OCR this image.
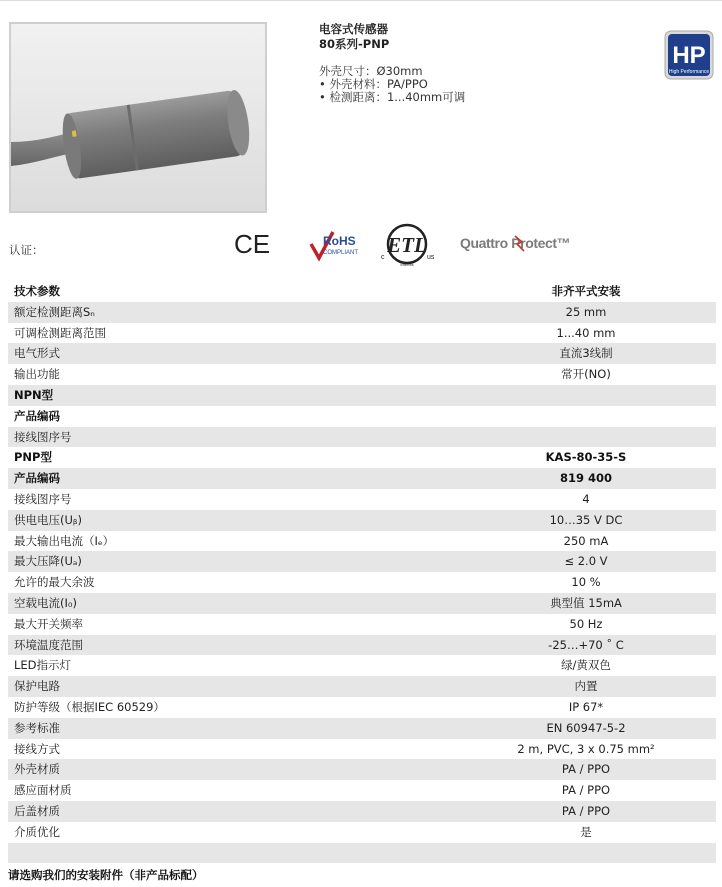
电容式传感器
80系列-PNP
外壳尺寸：Ø30mm
• 外壳材料：PA/PPO
• 检测距离：1...40mm可调
HP
High Performance
认证：	CE	RoHS
COMPLIANT ETL
c	us
Intertek
Quattro Protect™
技术参数	非齐平式安装
额定检测距离Sₙ	25 mm
可调检测距离范围	1...40 mm
电气形式	直流3线制
输出功能	常开(NO)
NPN型	
产品编码	
接线图序号	
PNP型	KAS-80-35-S
产品编码	819 400
接线图序号	4
供电电压(Uᵦ)	10…35 V DC
最大输出电流（Iₑ）	250 mA
最大压降(Uₐ)	≤ 2.0 V
允许的最大余波	10 %
空载电流(I₀)	典型值 15mA
最大开关频率	50 Hz
环境温度范围	-25…+70 ˚ C
LED指示灯	绿/黄双色
保护电路	内置
防护等级（根据IEC 60529）	IP 67*
参考标准	EN 60947-5-2
接线方式	2 m, PVC, 3 x 0.75 mm²
外壳材质	PA / PPO
感应面材质	PA / PPO
后盖材质	PA / PPO
介质优化	是

请选购我们的安装附件（非产品标配）
